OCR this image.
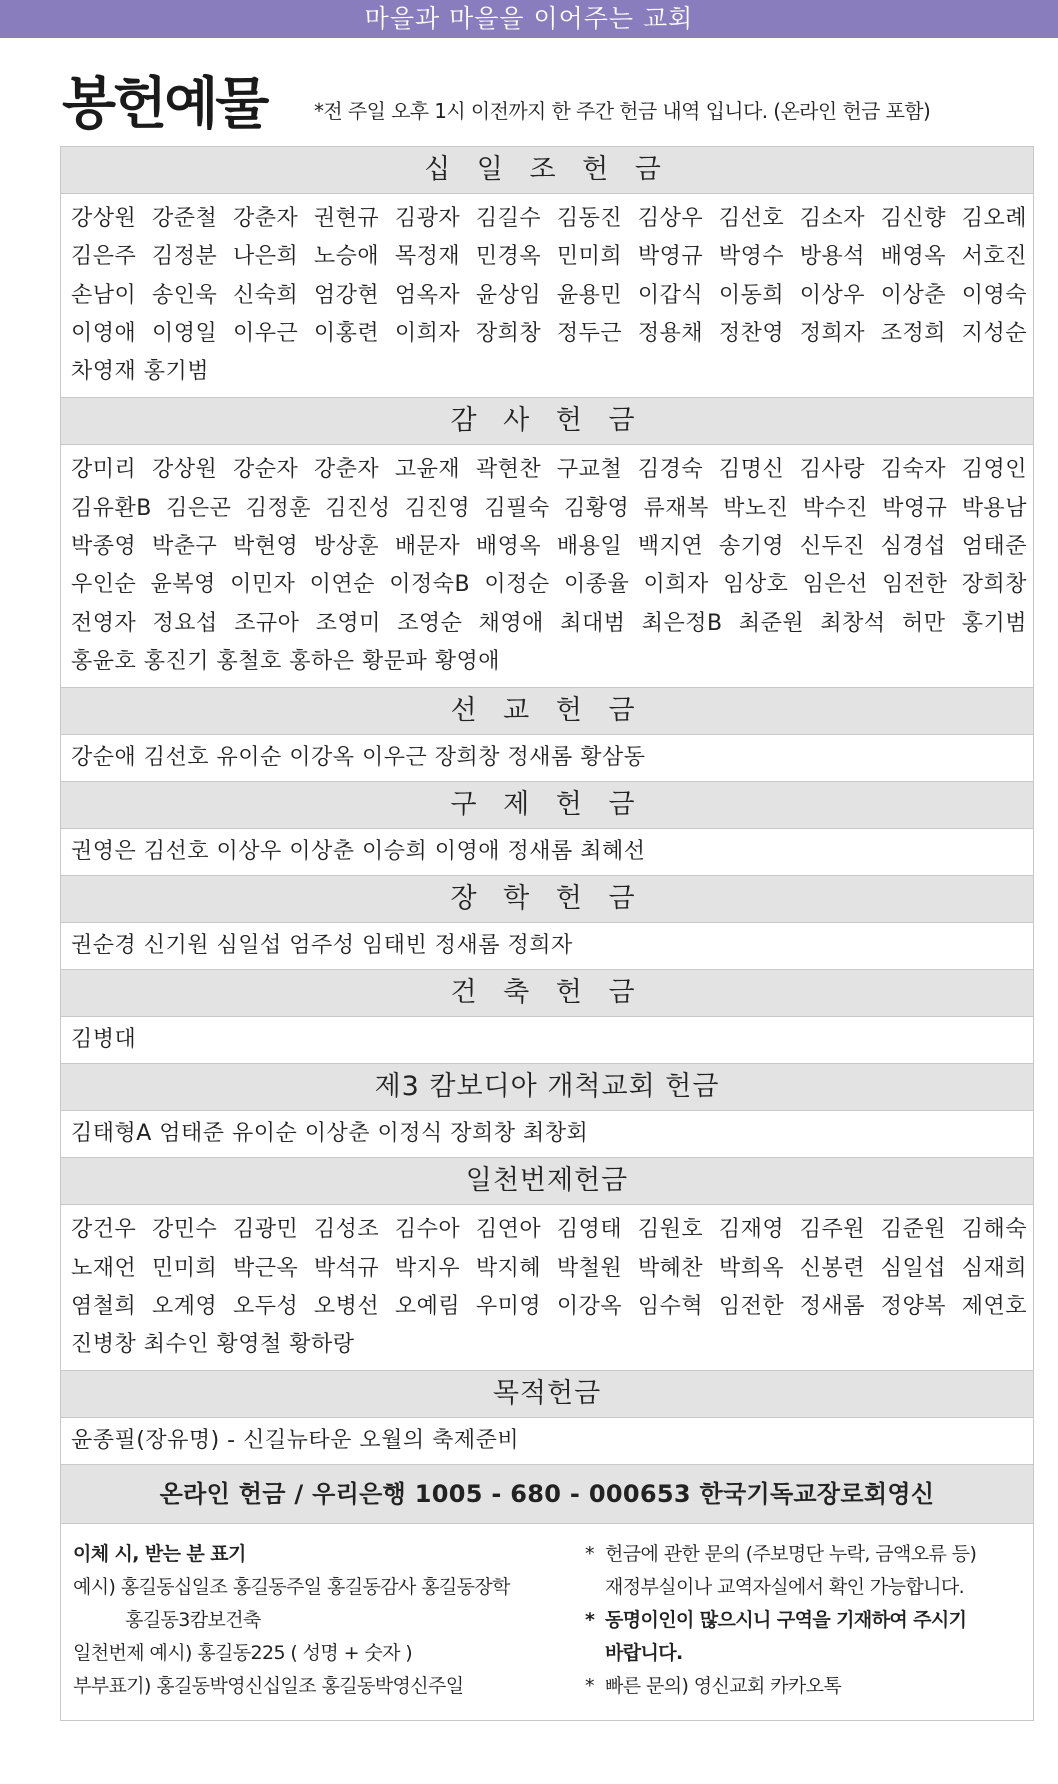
마을과 마을을 이어주는 교회
봉헌예물 *전 주일 오후 1시 이전까지 한 주간 헌금 내역 입니다. (온라인 헌금 포함)
십 일 조 헌 금
강상원 강준철 강춘자 권현규 김광자 김길수 김동진 김상우 김선호 김소자 김신향 김오례
김은주 김정분 나은희 노승애 목정재 민경옥 민미희 박영규 박영수 방용석 배영옥 서호진
손남이 송인욱 신숙희 엄강현 엄옥자 윤상임 윤용민 이갑식 이동희 이상우 이상춘 이영숙
이영애 이영일 이우근 이홍련 이희자 장희창 정두근 정용채 정찬영 정희자 조정희 지성순
차영재 홍기범
감 사 헌 금
강미리 강상원 강순자 강춘자 고윤재 곽현찬 구교철 김경숙 김명신 김사랑 김숙자 김영인
김유환B 김은곤 김정훈 김진성 김진영 김필숙 김황영 류재복 박노진 박수진 박영규 박용남
박종영 박춘구 박현영 방상훈 배문자 배영옥 배용일 백지연 송기영 신두진 심경섭 엄태준
우인순 윤복영 이민자 이연순 이정숙B 이정순 이종율 이희자 임상호 임은선 임전한 장희창
전영자 정요섭 조규아 조영미 조영순 채영애 최대범 최은정B 최준원 최창석 허만 홍기범
홍윤호 홍진기 홍철호 홍하은 황문파 황영애
선 교 헌 금
강순애 김선호 유이순 이강옥 이우근 장희창 정새롬 황삼동
구 제 헌 금
권영은 김선호 이상우 이상춘 이승희 이영애 정새롬 최혜선
장 학 헌 금
권순경 신기원 심일섭 엄주성 임태빈 정새롬 정희자
건 축 헌 금
김병대
제3 캄보디아 개척교회 헌금
김태형A 엄태준 유이순 이상춘 이정식 장희창 최창회
일천번제헌금
강건우 강민수 김광민 김성조 김수아 김연아 김영태 김원호 김재영 김주원 김준원 김해숙
노재언 민미희 박근옥 박석규 박지우 박지혜 박철원 박혜찬 박희옥 신봉련 심일섭 심재희
염철희 오계영 오두성 오병선 오예림 우미영 이강옥 임수혁 임전한 정새롬 정양복 제연호
진병창 최수인 황영철 황하랑
목적헌금
윤종필(장유명) - 신길뉴타운 오월의 축제준비
온라인 헌금 / 우리은행 1005 - 680 - 000653 한국기독교장로회영신
이체 시, 받는 분 표기
예시) 홍길동십일조 홍길동주일 홍길동감사 홍길동장학
홍길동3캄보건축
일천번제 예시) 홍길동225 ( 성명 + 숫자 )
부부표기) 홍길동박영신십일조 홍길동박영신주일
* 헌금에 관한 문의 (주보명단 누락, 금액오류 등)
재정부실이나 교역자실에서 확인 가능합니다.
* 동명이인이 많으시니 구역을 기재하여 주시기
바랍니다.
* 빠른 문의) 영신교회 카카오톡
